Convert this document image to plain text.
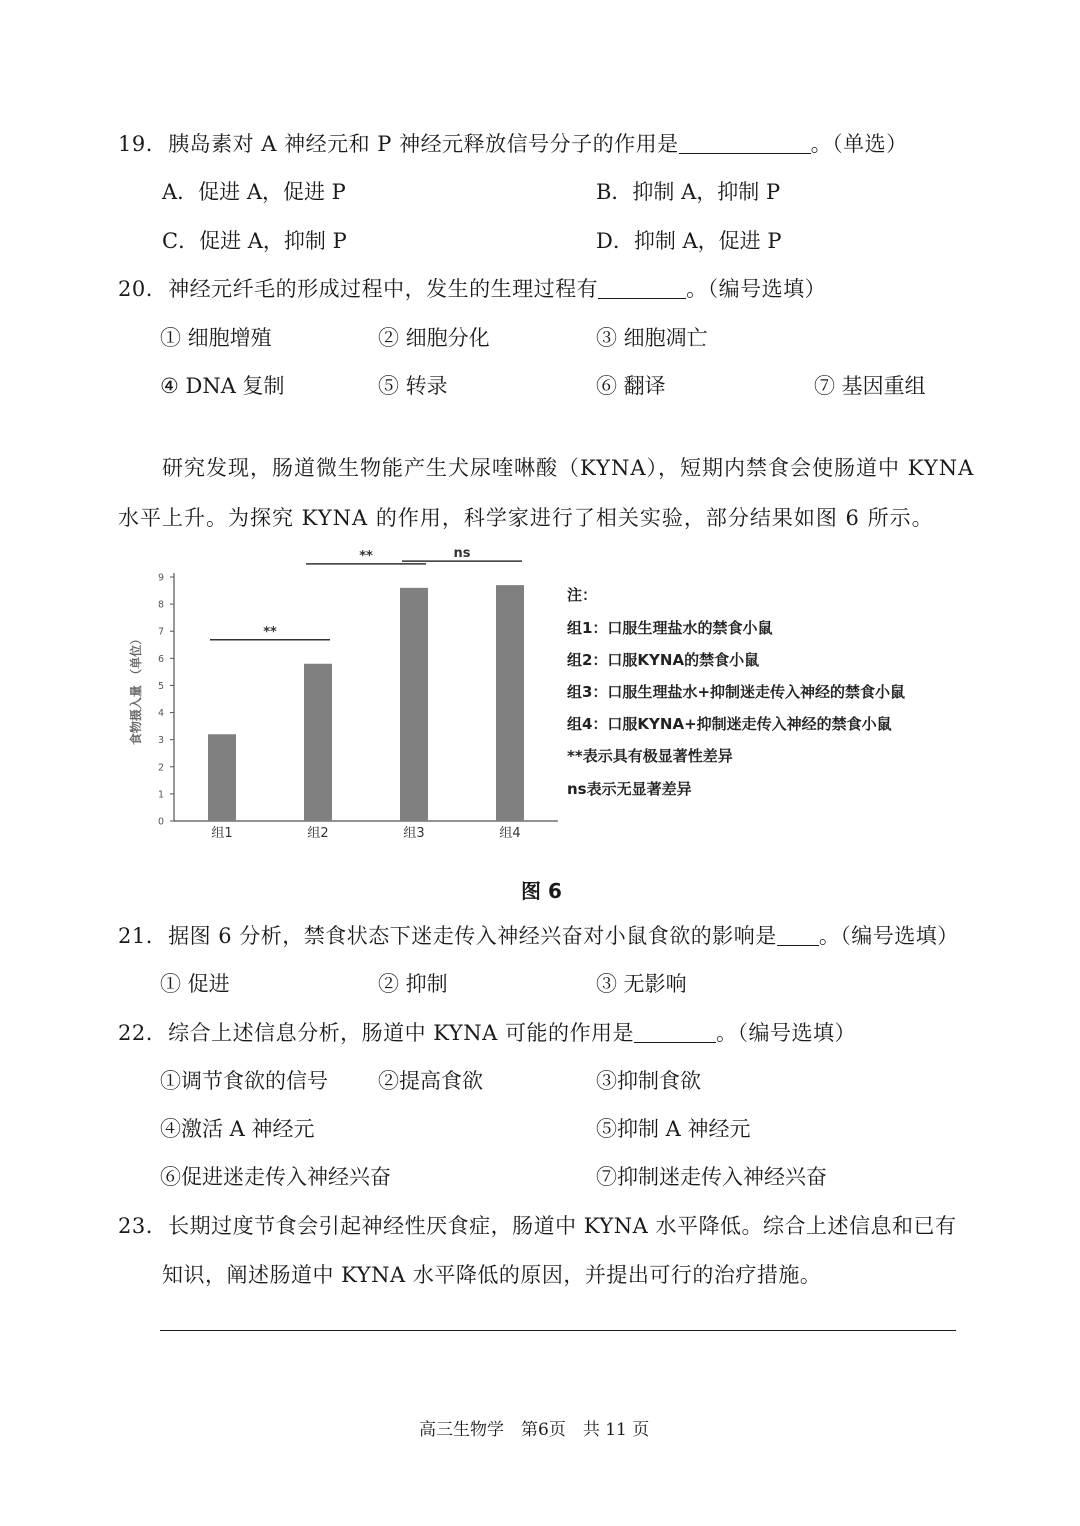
19. 胰岛素对 A 神经元和 P 神经元释放信号分子的作用是	。（单选）
A．促进 A，促进 P	B．抑制 A，抑制 P
C．促进 A，抑制 P	D．抑制 A，促进 P
20. 神经元纤毛的形成过程中，发生的生理过程有	。（编号选填）
① 细胞增殖	② 细胞分化	③ 细胞凋亡
④ DNA 复制	⑤ 转录	⑥ 翻译	⑦ 基因重组
研究发现，肠道微生物能产生犬尿喹啉酸（KYNA），短期内禁食会使肠道中 KYNA
水平上升。为探究 KYNA 的作用，科学家进行了相关实验，部分结果如图 6 所示。
0
1
2
3
4
5
6
7
8
9
食物摄入量 （单位）
组1	组2	组3	组4
**
**	ns
注：
组1：口服生理盐水的禁食小鼠
组2：口服KYNA的禁食小鼠
组3：口服生理盐水+抑制迷走传入神经的禁食小鼠
组4：口服KYNA+抑制迷走传入神经的禁食小鼠
**表示具有极显著性差异
ns表示无显著差异
图 6
21. 据图 6 分析，禁食状态下迷走传入神经兴奋对小鼠食欲的影响是 。（编号选填）
① 促进	② 抑制	③ 无影响
22. 综合上述信息分析，肠道中 KYNA 可能的作用是	。（编号选填）
①调节食欲的信号 ②提高食欲	③抑制食欲
④激活 A 神经元	⑤抑制 A 神经元
⑥促进迷走传入神经兴奋	⑦抑制迷走传入神经兴奋
23. 长期过度节食会引起神经性厌食症，肠道中 KYNA 水平降低。综合上述信息和已有
知识，阐述肠道中 KYNA 水平降低的原因，并提出可行的治疗措施。
高三生物学　第6页　共 11 页
